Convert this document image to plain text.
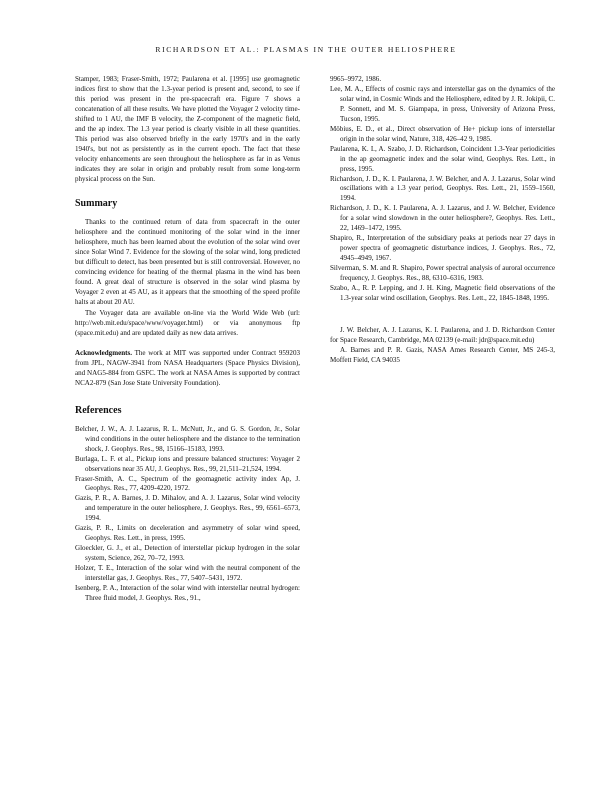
RICHARDSON ET AL.: PLASMAS IN THE OUTER HELIOSPHERE

Stamper, 1983; Fraser-Smith, 1972; Paularena et al. [1995] use geomagnetic indices first to show that the 1.3-year period is present and, second, to see if this period was present in the pre-spacecraft era. Figure 7 shows a concatenation of all these results. We have plotted the Voyager 2 velocity time-shifted to 1 AU, the IMF B velocity, the Z-component of the magnetic field, and the ap index. The 1.3 year period is clearly visible in all these quantities. This period was also observed briefly in the early 1970's and in the early 1940's, but not as persistently as in the current epoch. The fact that these velocity enhancements are seen throughout the heliosphere as far in as Venus indicates they are solar in origin and probably result from some long-term physical process on the Sun.

Summary

Thanks to the continued return of data from spacecraft in the outer heliosphere and the continued monitoring of the solar wind in the inner heliosphere, much has been learned about the evolution of the solar wind over since Solar Wind 7. Evidence for the slowing of the solar wind, long predicted but difficult to detect, has been presented but is still controversial. However, no convincing evidence for heating of the thermal plasma in the wind has been found. A great deal of structure is observed in the solar wind plasma by Voyager 2 even at 45 AU, as it appears that the smoothing of the speed profile halts at about 20 AU.

The Voyager data are available on-line via the World Wide Web (url: http://web.mit.edu/space/www/voyager.html) or via anonymous ftp (space.mit.edu) and are updated daily as new data arrives.

Acknowledgments. The work at MIT was supported under Contract 959203 from JPL, NAGW-3941 from NASA Headquarters (Space Physics Division), and NAG5-884 from GSFC. The work at NASA Ames is supported by contract NCA2-879 (San Jose State University Foundation).

References

Belcher, J. W., A. J. Lazarus, R. L. McNutt, Jr., and G. S. Gordon, Jr., Solar wind conditions in the outer heliosphere and the distance to the termination shock, J. Geophys. Res., 98, 15166–15183, 1993.

Burlaga, L. F. et al., Pickup ions and pressure balanced structures: Voyager 2 observations near 35 AU, J. Geophys. Res., 99, 21,511–21,524, 1994.

Fraser-Smith, A. C., Spectrum of the geomagnetic activity index Ap, J. Geophys. Res., 77, 4209-4220, 1972.

Gazis, P. R., A. Barnes, J. D. Mihalov, and A. J. Lazarus, Solar wind velocity and temperature in the outer heliosphere, J. Geophys. Res., 99, 6561–6573, 1994.

Gazis, P. R., Limits on deceleration and asymmetry of solar wind speed, Geophys. Res. Lett., in press, 1995.

Gloeckler, G. J., et al., Detection of interstellar pickup hydrogen in the solar system, Science, 262, 70–72, 1993.

Holzer, T. E., Interaction of the solar wind with the neutral component of the interstellar gas, J. Geophys. Res., 77, 5407–5431, 1972.

Isenberg, P. A., Interaction of the solar wind with interstellar neutral hydrogen: Three fluid model, J. Geophys. Res., 91.,

9965–9972, 1986.

Lee, M. A., Effects of cosmic rays and interstellar gas on the dynamics of the solar wind, in Cosmic Winds and the Heliosphere, edited by J. R. Jokipii, C. P. Sonnett, and M. S. Giampapa, in press, University of Arizona Press, Tucson, 1995.

Möbius, E. D., et al., Direct observation of He+ pickup ions of interstellar origin in the solar wind, Nature, 318, 426–42 9, 1985.

Paularena, K. I., A. Szabo, J. D. Richardson, Coincident 1.3-Year periodicities in the ap geomagnetic index and the solar wind, Geophys. Res. Lett., in press, 1995.

Richardson, J. D., K. I. Paularena, J. W. Belcher, and A. J. Lazarus, Solar wind oscillations with a 1.3 year period, Geophys. Res. Lett., 21, 1559–1560, 1994.

Richardson, J. D., K. I. Paularena, A. J. Lazarus, and J. W. Belcher, Evidence for a solar wind slowdown in the outer heliosphere?, Geophys. Res. Lett., 22, 1469–1472, 1995.

Shapiro, R., Interpretation of the subsidiary peaks at periods near 27 days in power spectra of geomagnetic disturbance indices, J. Geophys. Res., 72, 4945–4949, 1967.

Silverman, S. M. and R. Shapiro, Power spectral analysis of auroral occurrence frequency, J. Geophys. Res., 88, 6310–6316, 1983.

Szabo, A., R. P. Lepping, and J. H. King, Magnetic field observations of the 1.3-year solar wind oscillation, Geophys. Res. Lett., 22, 1845-1848, 1995.

J. W. Belcher, A. J. Lazarus, K. I. Paularena, and J. D. Richardson Center for Space Research, Cambridge, MA 02139 (e-mail: jdr@space.mit.edu)

A. Barnes and P. R. Gazis, NASA Ames Research Center, MS 245-3, Moffett Field, CA 94035
